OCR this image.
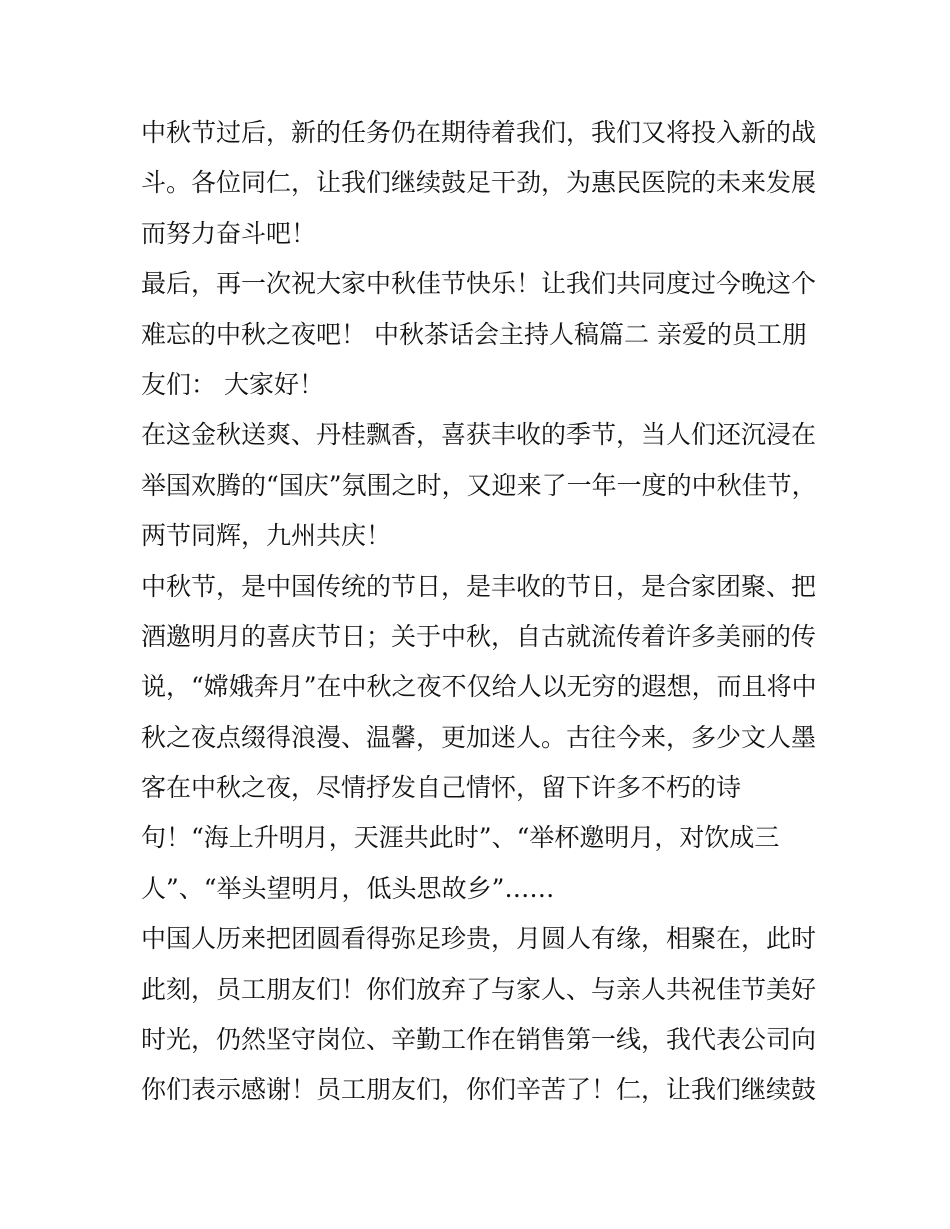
中秋节过后，新的任务仍在期待着我们，我们又将投入新的战
斗。各位同仁，让我们继续鼓足干劲，为惠民医院的未来发展
而努力奋斗吧！
最后，再一次祝大家中秋佳节快乐！让我们共同度过今晚这个
难忘的中秋之夜吧！ 中秋茶话会主持人稿篇二 亲爱的员工朋
友们： 大家好！
在这金秋送爽、丹桂飘香，喜获丰收的季节，当人们还沉浸在
举国欢腾的“国庆”氛围之时，又迎来了一年一度的中秋佳节，
两节同辉，九州共庆！
中秋节，是中国传统的节日，是丰收的节日，是合家团聚、把
酒邀明月的喜庆节日；关于中秋，自古就流传着许多美丽的传
说，“嫦娥奔月”在中秋之夜不仅给人以无穷的遐想，而且将中
秋之夜点缀得浪漫、温馨，更加迷人。古往今来，多少文人墨
客在中秋之夜，尽情抒发自己情怀，留下许多不朽的诗
句！“海上升明月，天涯共此时”、“举杯邀明月，对饮成三
人”、“举头望明月，低头思故乡”……
中国人历来把团圆看得弥足珍贵，月圆人有缘，相聚在，此时
此刻，员工朋友们！你们放弃了与家人、与亲人共祝佳节美好
时光，仍然坚守岗位、辛勤工作在销售第一线，我代表公司向
你们表示感谢！员工朋友们，你们辛苦了！仁，让我们继续鼓
